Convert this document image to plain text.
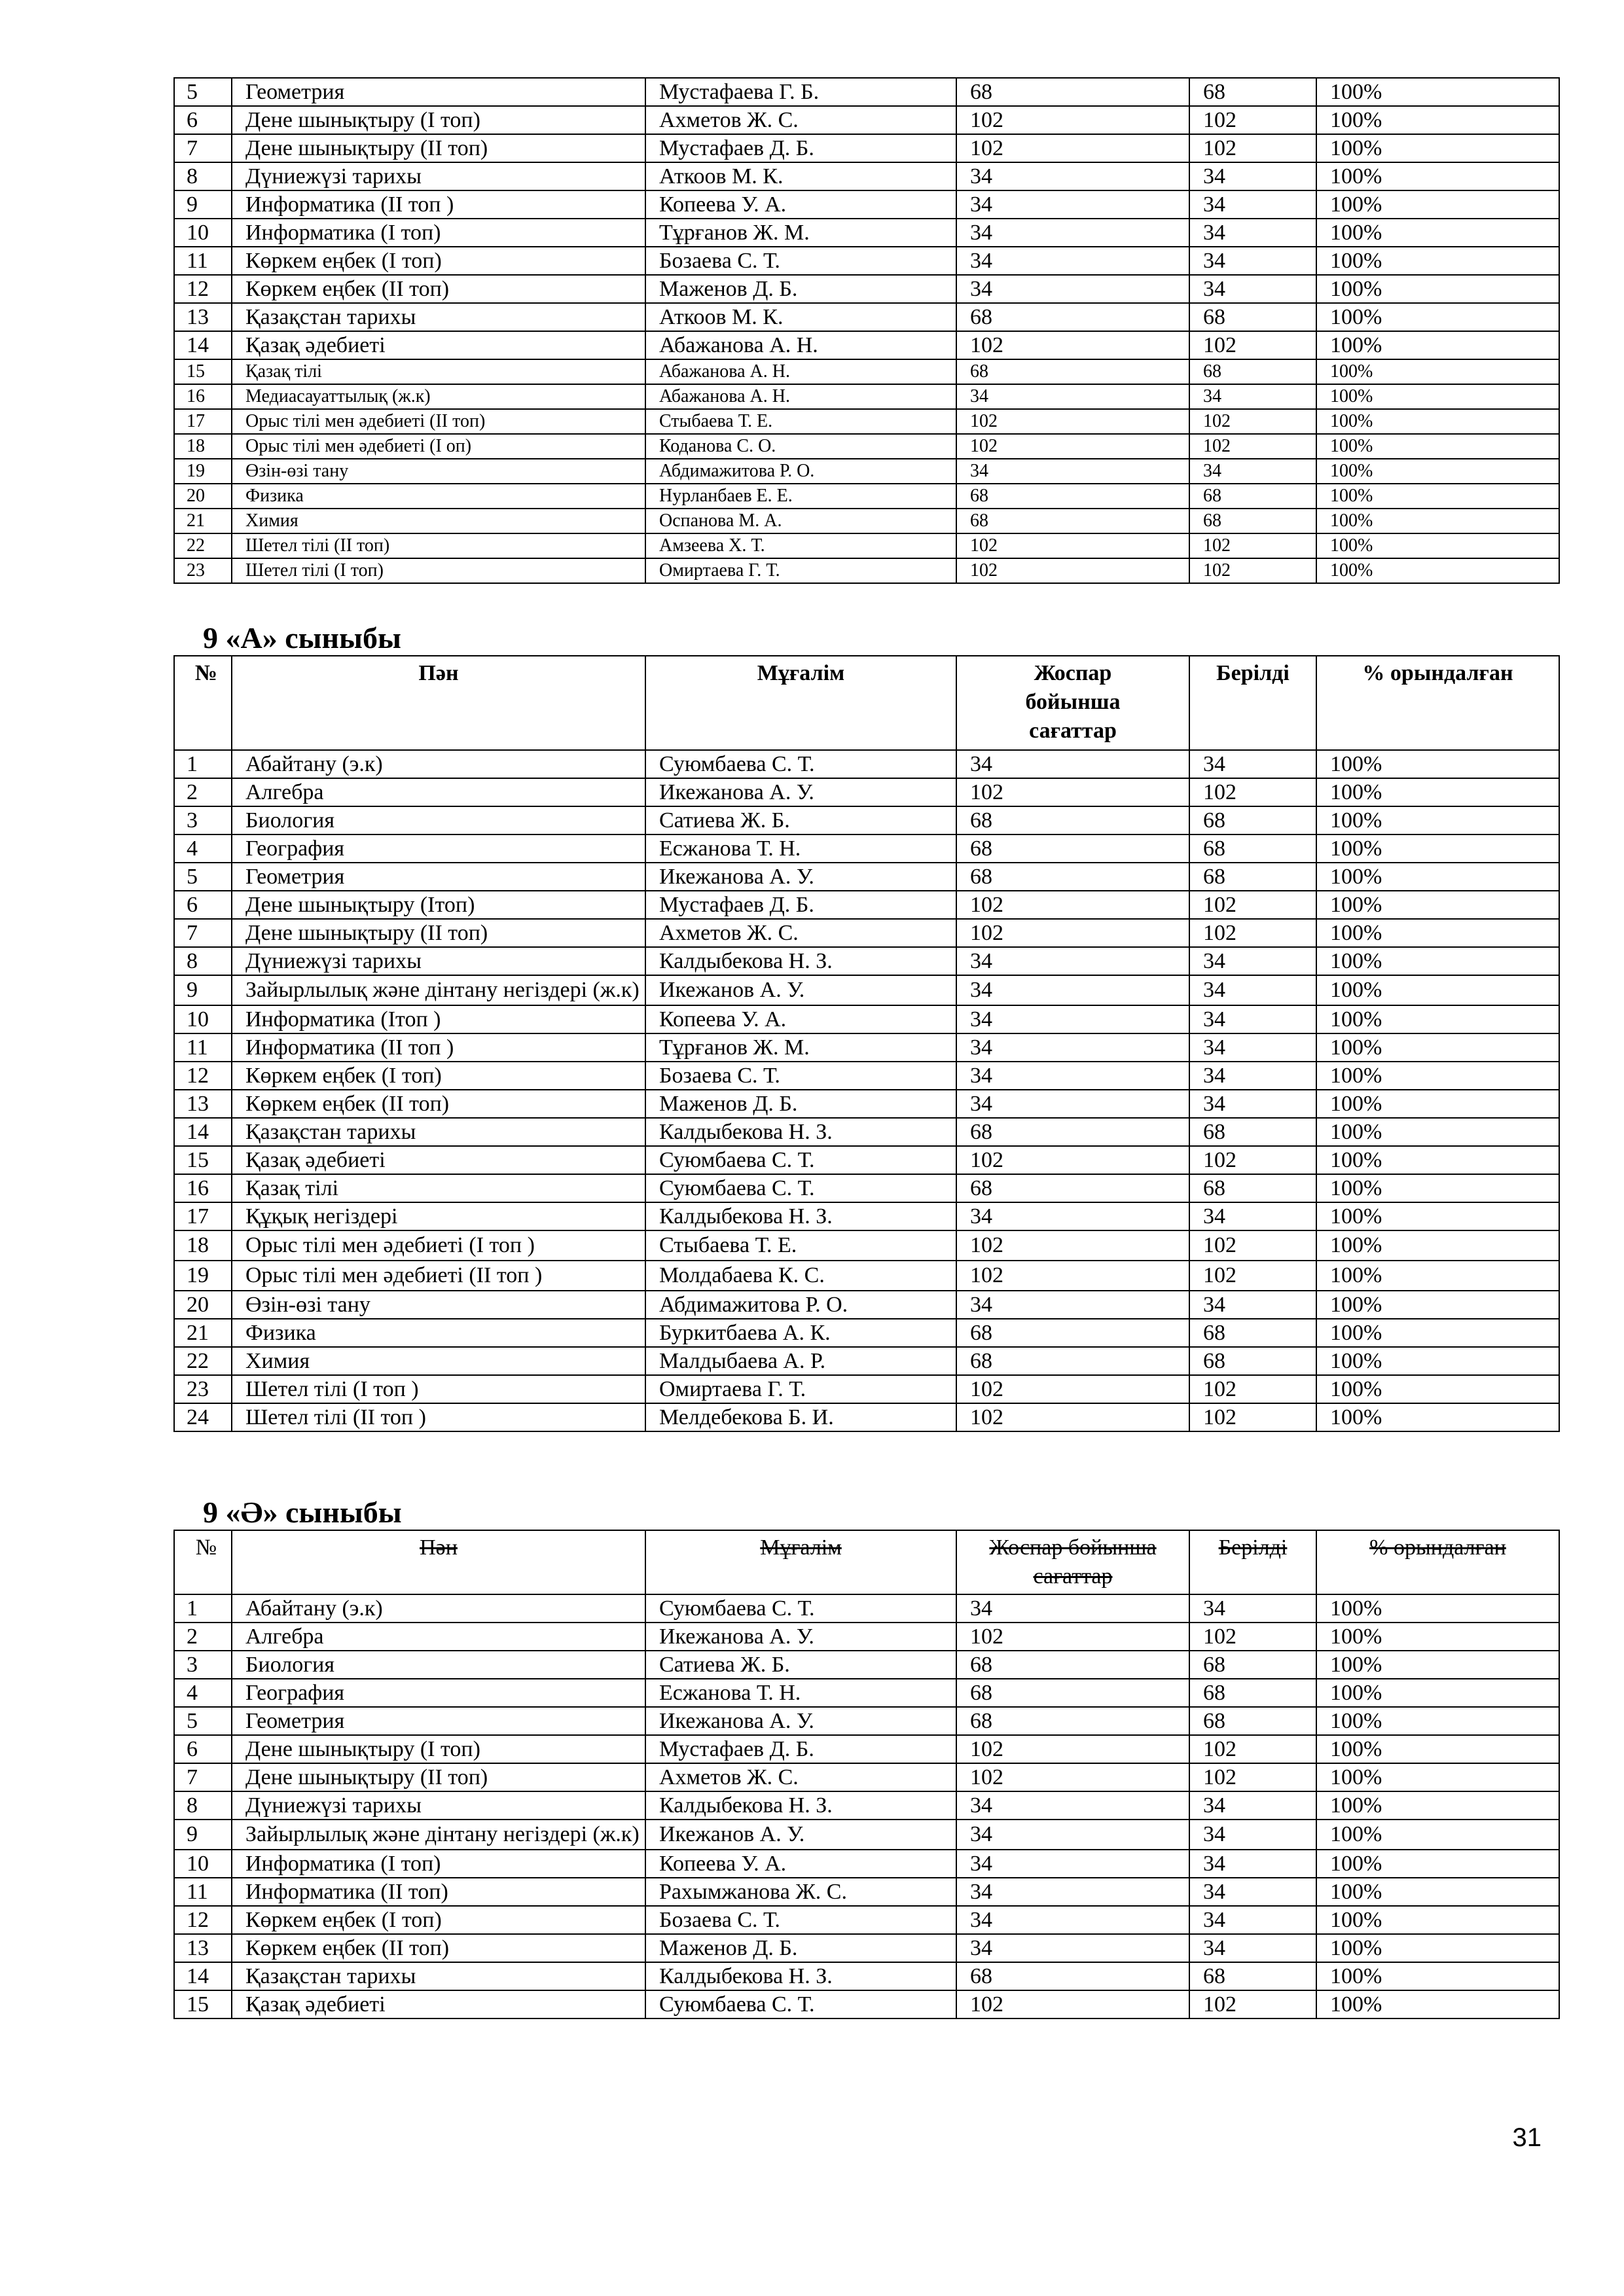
5	Геометрия	Мустафаева Г. Б.	68	68	100%
6	Дене шынықтыру (І топ)	Ахметов Ж. С.	102	102	100%
7	Дене шынықтыру (ІІ топ)	Мустафаев Д. Б.	102	102	100%
8	Дүниежүзі тарихы	Аткоов М. К.	34	34	100%
9	Информатика (ІІ топ )	Копеева У. А.	34	34	100%
10	Информатика (І топ)	Тұрғанов Ж. М.	34	34	100%
11	Көркем еңбек (І топ)	Бозаева С. Т.	34	34	100%
12	Көркем еңбек (ІІ топ)	Маженов Д. Б.	34	34	100%
13	Қазақстан тарихы	Аткоов М. К.	68	68	100%
14	Қазақ әдебиеті	Абажанова А. Н.	102	102	100%
15	Қазақ тілі	Абажанова А. Н.	68	68	100%
16	Медиасауаттылық (ж.к)	Абажанова А. Н.	34	34	100%
17	Орыс тілі мен әдебиеті (ІІ топ)	Стыбаева Т. Е.	102	102	100%
18	Орыс тілі мен әдебиеті (І оп)	Коданова С. О.	102	102	100%
19	Өзін-өзі тану	Абдимажитова Р. О.	34	34	100%
20	Физика	Нурланбаев Е. Е.	68	68	100%
21	Химия	Оспанова М. А.	68	68	100%
22	Шетел тілі (ІІ топ)	Амзеева Х. Т.	102	102	100%
23	Шетел тілі (І топ)	Омиртаева Г. Т.	102	102	100%
9 «А» сыныбы
№	Пән	Мұғалім	Жоспар бойынша сағаттар	Берілді	% орындалған
1	Абайтану (э.к)	Суюмбаева С. Т.	34	34	100%
2	Алгебра	Икежанова А. У.	102	102	100%
3	Биология	Сатиева Ж. Б.	68	68	100%
4	География	Есжанова Т. Н.	68	68	100%
5	Геометрия	Икежанова А. У.	68	68	100%
6	Дене шынықтыру (Ітоп)	Мустафаев Д. Б.	102	102	100%
7	Дене шынықтыру (ІІ топ)	Ахметов Ж. С.	102	102	100%
8	Дүниежүзі тарихы	Калдыбекова Н. З.	34	34	100%
9	Зайырлылық және дінтану негіздері (ж.к)	Икежанов А. У.	34	34	100%
10	Информатика (Ітоп )	Копеева У. А.	34	34	100%
11	Информатика (ІІ топ )	Тұрғанов Ж. М.	34	34	100%
12	Көркем еңбек (І топ)	Бозаева С. Т.	34	34	100%
13	Көркем еңбек (ІІ топ)	Маженов Д. Б.	34	34	100%
14	Қазақстан тарихы	Калдыбекова Н. З.	68	68	100%
15	Қазақ әдебиеті	Суюмбаева С. Т.	102	102	100%
16	Қазақ тілі	Суюмбаева С. Т.	68	68	100%
17	Құқық негіздері	Калдыбекова Н. З.	34	34	100%
18	Орыс тілі мен әдебиеті (І топ )	Стыбаева Т. Е.	102	102	100%
19	Орыс тілі мен әдебиеті (ІІ топ )	Молдабаева К. С.	102	102	100%
20	Өзін-өзі тану	Абдимажитова Р. О.	34	34	100%
21	Физика	Буркитбаева А. К.	68	68	100%
22	Химия	Малдыбаева А. Р.	68	68	100%
23	Шетел тілі (І топ )	Омиртаева Г. Т.	102	102	100%
24	Шетел тілі (ІІ топ )	Мелдебекова Б. И.	102	102	100%
9 «Ә» сыныбы
№	Пән	Мұғалім	Жоспар бойынша сағаттар	Берілді	% орындалған
1	Абайтану (э.к)	Суюмбаева С. Т.	34	34	100%
2	Алгебра	Икежанова А. У.	102	102	100%
3	Биология	Сатиева Ж. Б.	68	68	100%
4	География	Есжанова Т. Н.	68	68	100%
5	Геометрия	Икежанова А. У.	68	68	100%
6	Дене шынықтыру (І топ)	Мустафаев Д. Б.	102	102	100%
7	Дене шынықтыру (ІІ топ)	Ахметов Ж. С.	102	102	100%
8	Дүниежүзі тарихы	Калдыбекова Н. З.	34	34	100%
9	Зайырлылық және дінтану негіздері (ж.к)	Икежанов А. У.	34	34	100%
10	Информатика (І топ)	Копеева У. А.	34	34	100%
11	Информатика (ІІ топ)	Рахымжанова Ж. С.	34	34	100%
12	Көркем еңбек (І топ)	Бозаева С. Т.	34	34	100%
13	Көркем еңбек (ІІ топ)	Маженов Д. Б.	34	34	100%
14	Қазақстан тарихы	Калдыбекова Н. З.	68	68	100%
15	Қазақ әдебиеті	Суюмбаева С. Т.	102	102	100%
31
